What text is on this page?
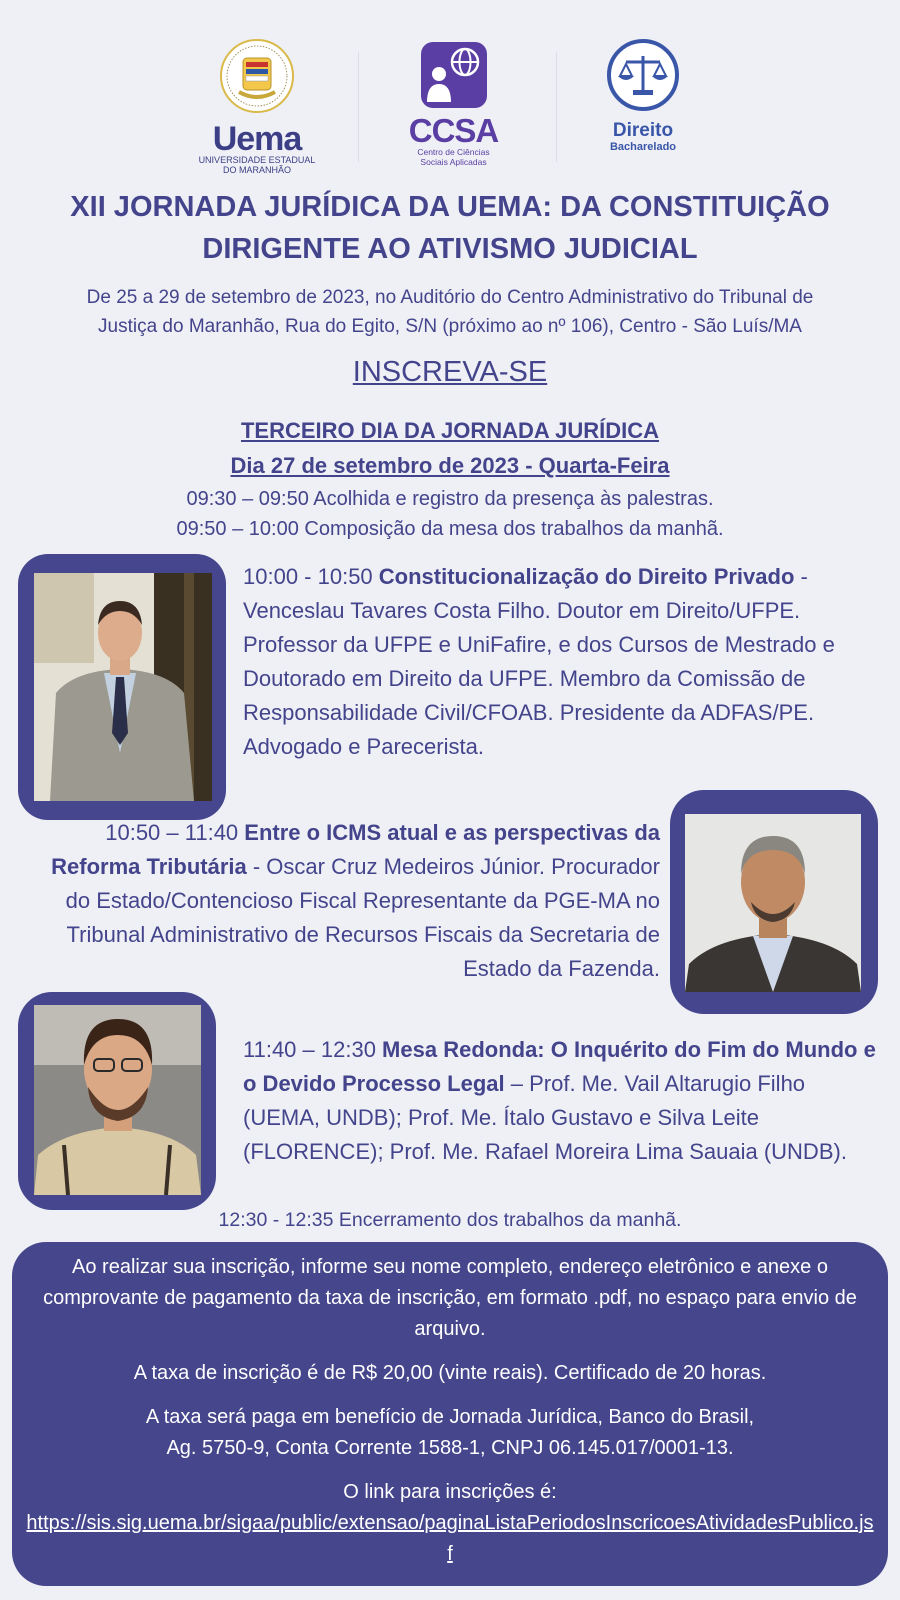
Uema
UNIVERSIDADE ESTADUAL
DO MARANHÃO
CCSA
Centro de Ciências
Sociais Aplicadas
Direito
Bacharelado
XII JORNADA JURÍDICA DA UEMA: DA CONSTITUIÇÃO
DIRIGENTE AO ATIVISMO JUDICIAL
De 25 a 29 de setembro de 2023, no Auditório do Centro Administrativo do Tribunal de
Justiça do Maranhão, Rua do Egito, S/N (próximo ao nº 106), Centro - São Luís/MA
INSCREVA-SE
TERCEIRO DIA DA JORNADA JURÍDICA
Dia 27 de setembro de 2023 - Quarta-Feira
09:30 – 09:50 Acolhida e registro da presença às palestras.
09:50 – 10:00 Composição da mesa dos trabalhos da manhã.
10:00 - 10:50 Constitucionalização do Direito Privado - Venceslau Tavares Costa Filho. Doutor em Direito/UFPE. Professor da UFPE e UniFafire, e dos Cursos de Mestrado e Doutorado em Direito da UFPE. Membro da Comissão de Responsabilidade Civil/CFOAB. Presidente da ADFAS/PE. Advogado e Parecerista.
10:50 – 11:40 Entre o ICMS atual e as perspectivas da Reforma Tributária - Oscar Cruz Medeiros Júnior. Procurador do Estado/Contencioso Fiscal Representante da PGE-MA no Tribunal Administrativo de Recursos Fiscais da Secretaria de Estado da Fazenda.
11:40 – 12:30 Mesa Redonda: O Inquérito do Fim do Mundo e o Devido Processo Legal – Prof. Me. Vail Altarugio Filho (UEMA, UNDB); Prof. Me. Ítalo Gustavo e Silva Leite (FLORENCE); Prof. Me. Rafael Moreira Lima Sauaia (UNDB).
12:30 - 12:35 Encerramento dos trabalhos da manhã.

Ao realizar sua inscrição, informe seu nome completo, endereço eletrônico e anexe o comprovante de pagamento da taxa de inscrição, em formato .pdf, no espaço para envio de arquivo.

A taxa de inscrição é de R$ 20,00 (vinte reais). Certificado de 20 horas.

A taxa será paga em benefício de Jornada Jurídica, Banco do Brasil, Ag. 5750-9, Conta Corrente 1588-1, CNPJ 06.145.017/0001-13.

O link para inscrições é:
https://sis.sig.uema.br/sigaa/public/extensao/paginaListaPeriodosInscricoesAtividadesPublico.jsf
